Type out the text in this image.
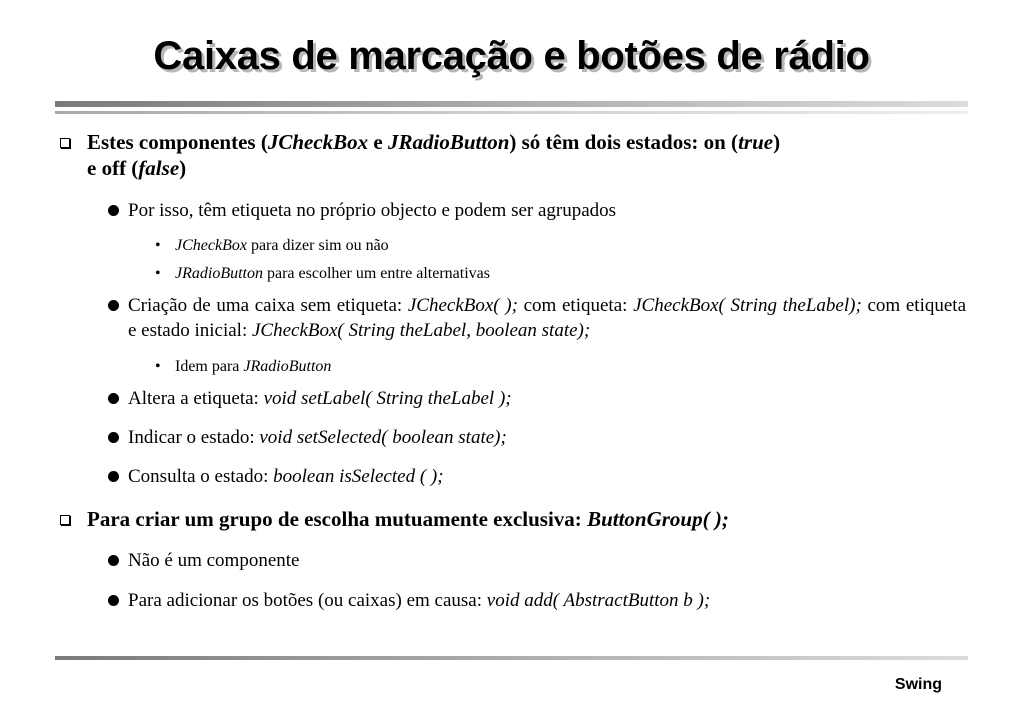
Caixas de marcação e botões de rádio
Estes componentes (JCheckBox e JRadioButton) só têm dois estados: on (true)
e off (false)
Por isso, têm etiqueta no próprio objecto e podem ser agrupados
• JCheckBox para dizer sim ou não
• JRadioButton para escolher um entre alternativas
Criação de uma caixa sem etiqueta: JCheckBox( ); com etiqueta: JCheckBox( String theLabel); com etiqueta e estado inicial: JCheckBox( String theLabel, boolean state);
• Idem para JRadioButton
Altera a etiqueta: void setLabel( String theLabel );
Indicar o estado: void setSelected( boolean state);
Consulta o estado: boolean isSelected ( );
Para criar um grupo de escolha mutuamente exclusiva: ButtonGroup( );
Não é um componente
Para adicionar os botões (ou caixas) em causa: void add( AbstractButton b );
Swing
